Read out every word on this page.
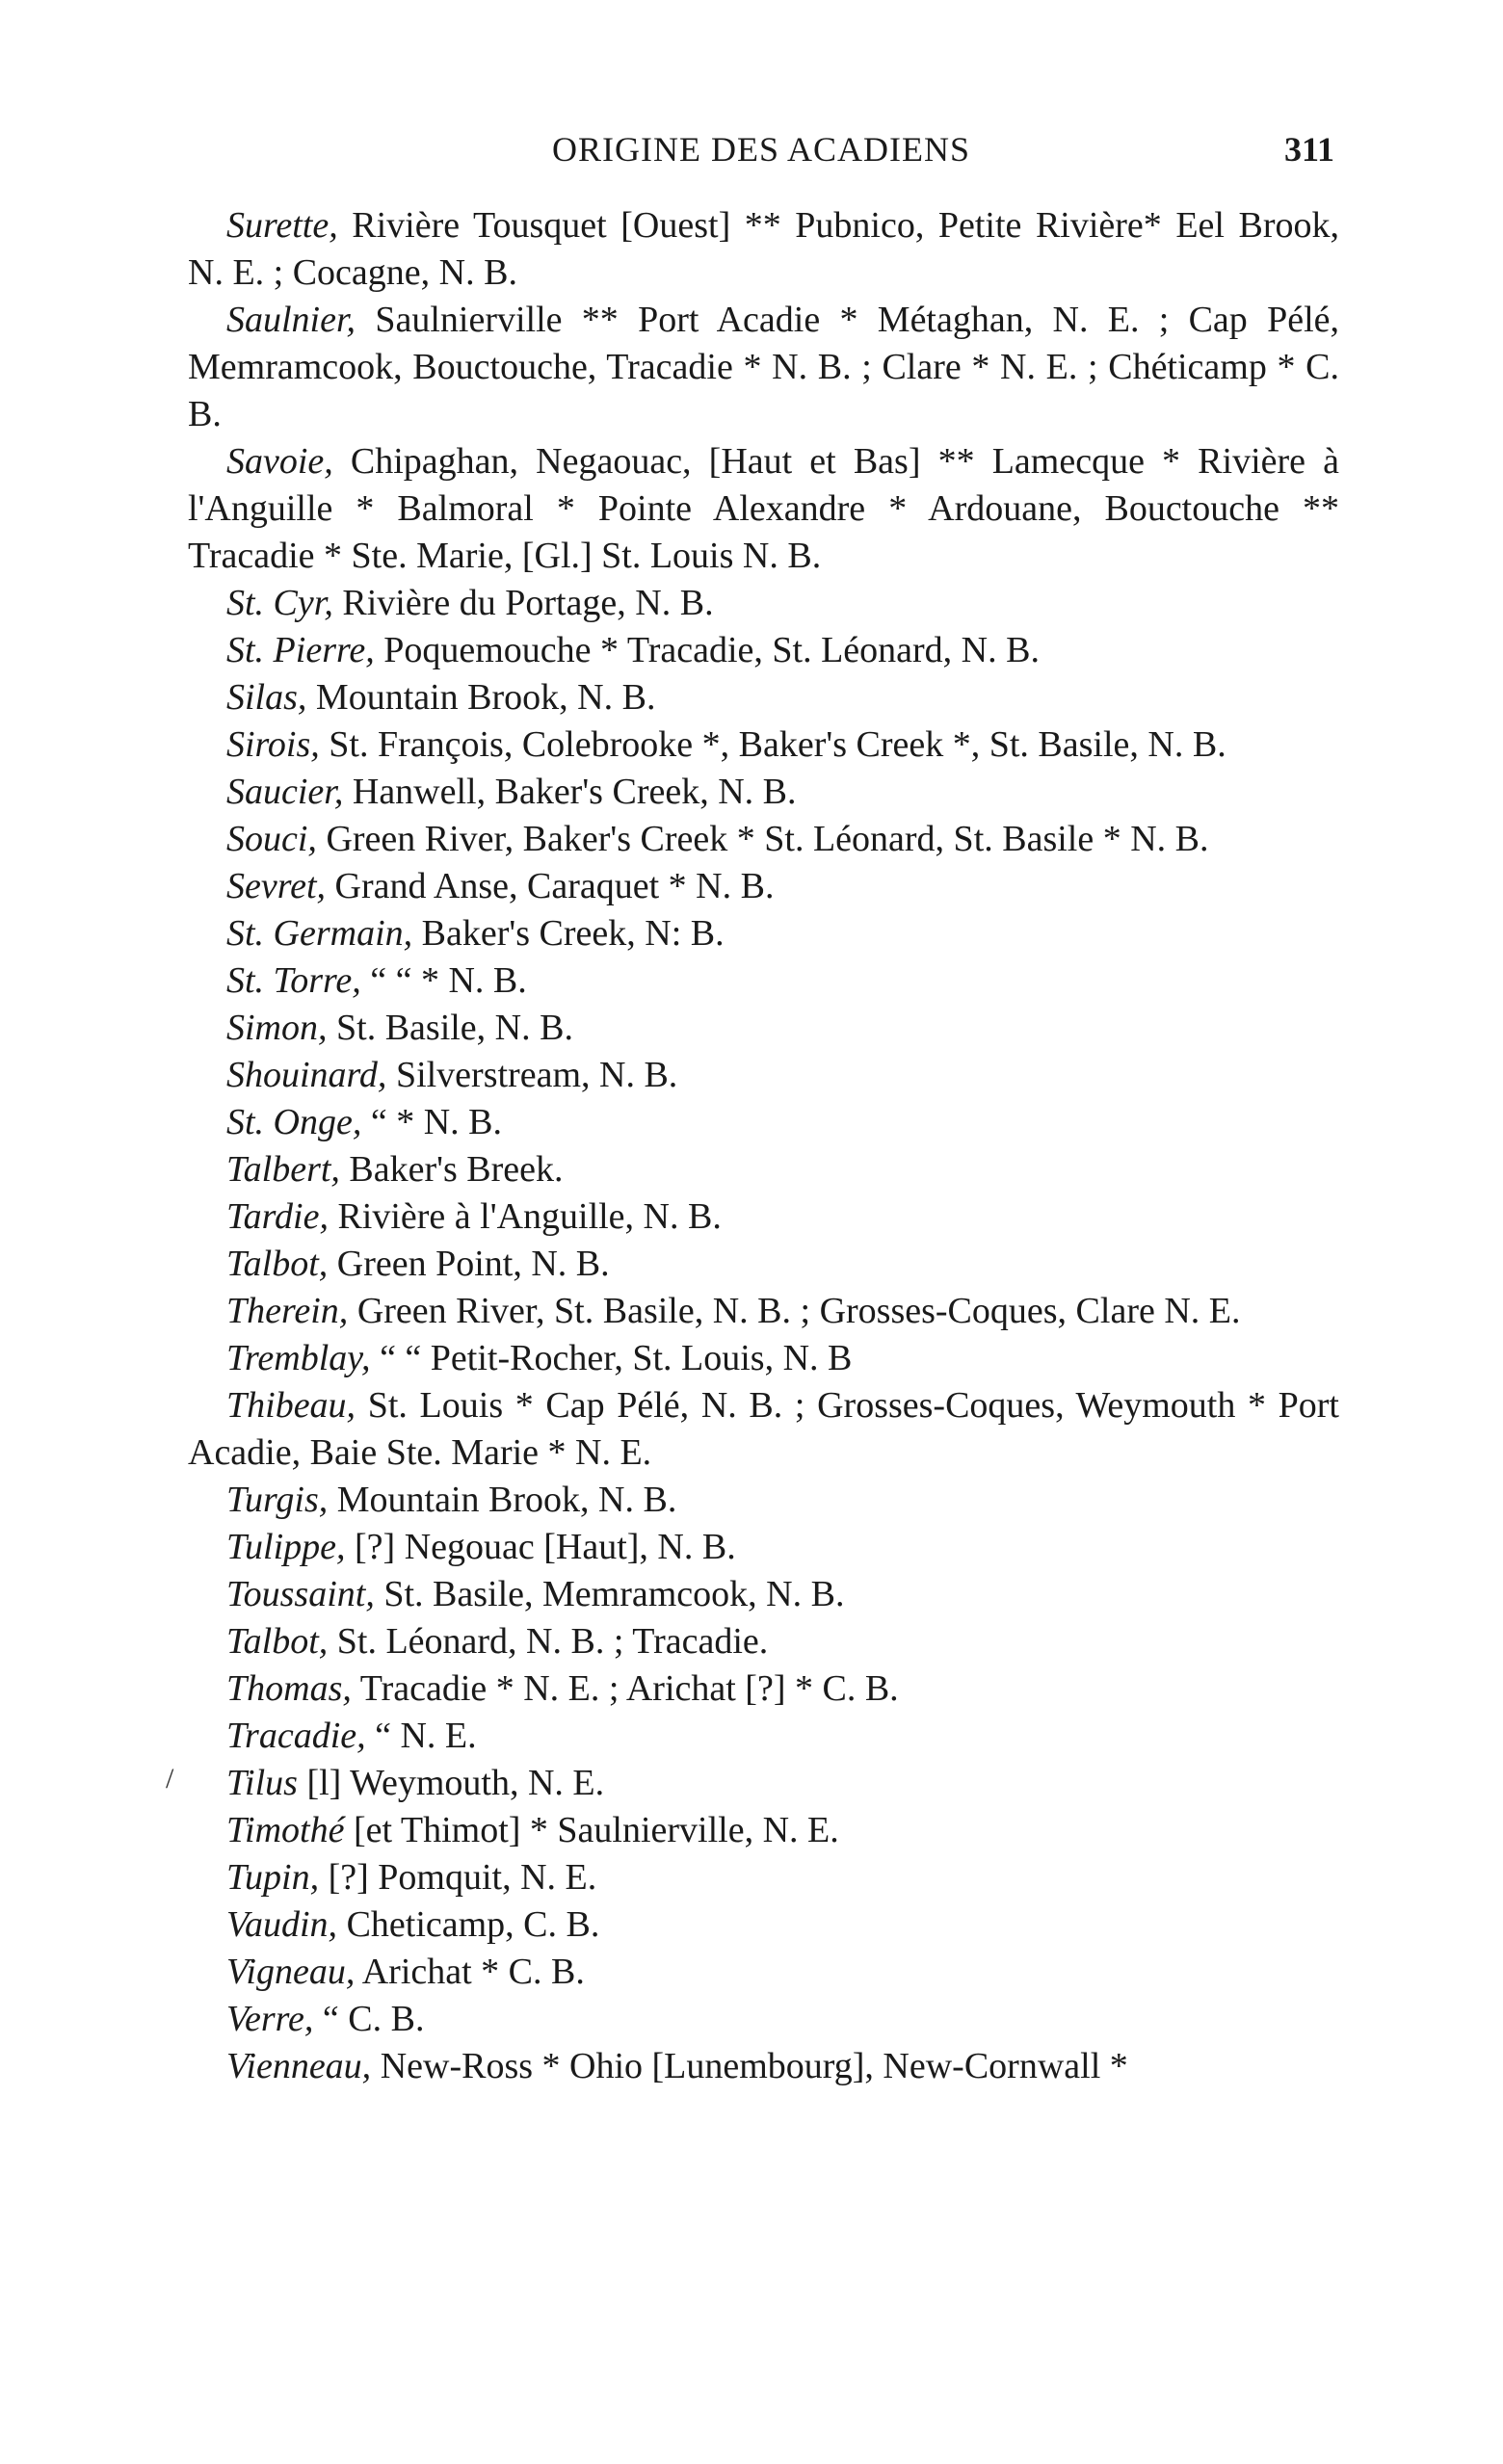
ORIGINE DES ACADIENS	311
/
Surette, Rivière Tousquet [Ouest] ** Pubnico, Petite Rivière* Eel Brook, N. E. ; Cocagne, N. B.
Saulnier, Saulnierville ** Port Acadie * Métaghan, N. E. ; Cap Pélé, Memramcook, Bouctouche, Tracadie * N. B. ; Clare * N. E. ; Chéticamp * C. B.
Savoie, Chipaghan, Negaouac, [Haut et Bas] ** Lamecque * Rivière à l'Anguille * Balmoral * Pointe Alexandre * Ardouane, Bouctouche ** Tracadie * Ste. Marie, [Gl.] St. Louis N. B.
St. Cyr, Rivière du Portage, N. B.
St. Pierre, Poquemouche * Tracadie, St. Léonard, N. B.
Silas, Mountain Brook, N. B.
Sirois, St. François, Colebrooke *, Baker's Creek *, St. Basile, N. B.
Saucier, Hanwell, Baker's Creek, N. B.
Souci, Green River, Baker's Creek * St. Léonard, St. Basile * N. B.
Sevret, Grand Anse, Caraquet * N. B.
St. Germain, Baker's Creek, N: B.
St. Torre, “ “ * N. B.
Simon, St. Basile, N. B.
Shouinard, Silverstream, N. B.
St. Onge, “ * N. B.
Talbert, Baker's Breek.
Tardie, Rivière à l'Anguille, N. B.
Talbot, Green Point, N. B.
Therein, Green River, St. Basile, N. B. ; Grosses-Coques, Clare N. E.
Tremblay, “ “ Petit-Rocher, St. Louis, N. B
Thibeau, St. Louis * Cap Pélé, N. B. ; Grosses-Coques, Weymouth * Port Acadie, Baie Ste. Marie * N. E.
Turgis, Mountain Brook, N. B.
Tulippe, [?] Negouac [Haut], N. B.
Toussaint, St. Basile, Memramcook, N. B.
Talbot, St. Léonard, N. B. ; Tracadie.
Thomas, Tracadie * N. E. ; Arichat [?] * C. B.
Tracadie, “ N. E.
Tilus [l] Weymouth, N. E.
Timothé [et Thimot] * Saulnierville, N. E.
Tupin, [?] Pomquit, N. E.
Vaudin, Cheticamp, C. B.
Vigneau, Arichat * C. B.
Verre, “ C. B.
Vienneau, New-Ross * Ohio [Lunembourg], New-Cornwall *
